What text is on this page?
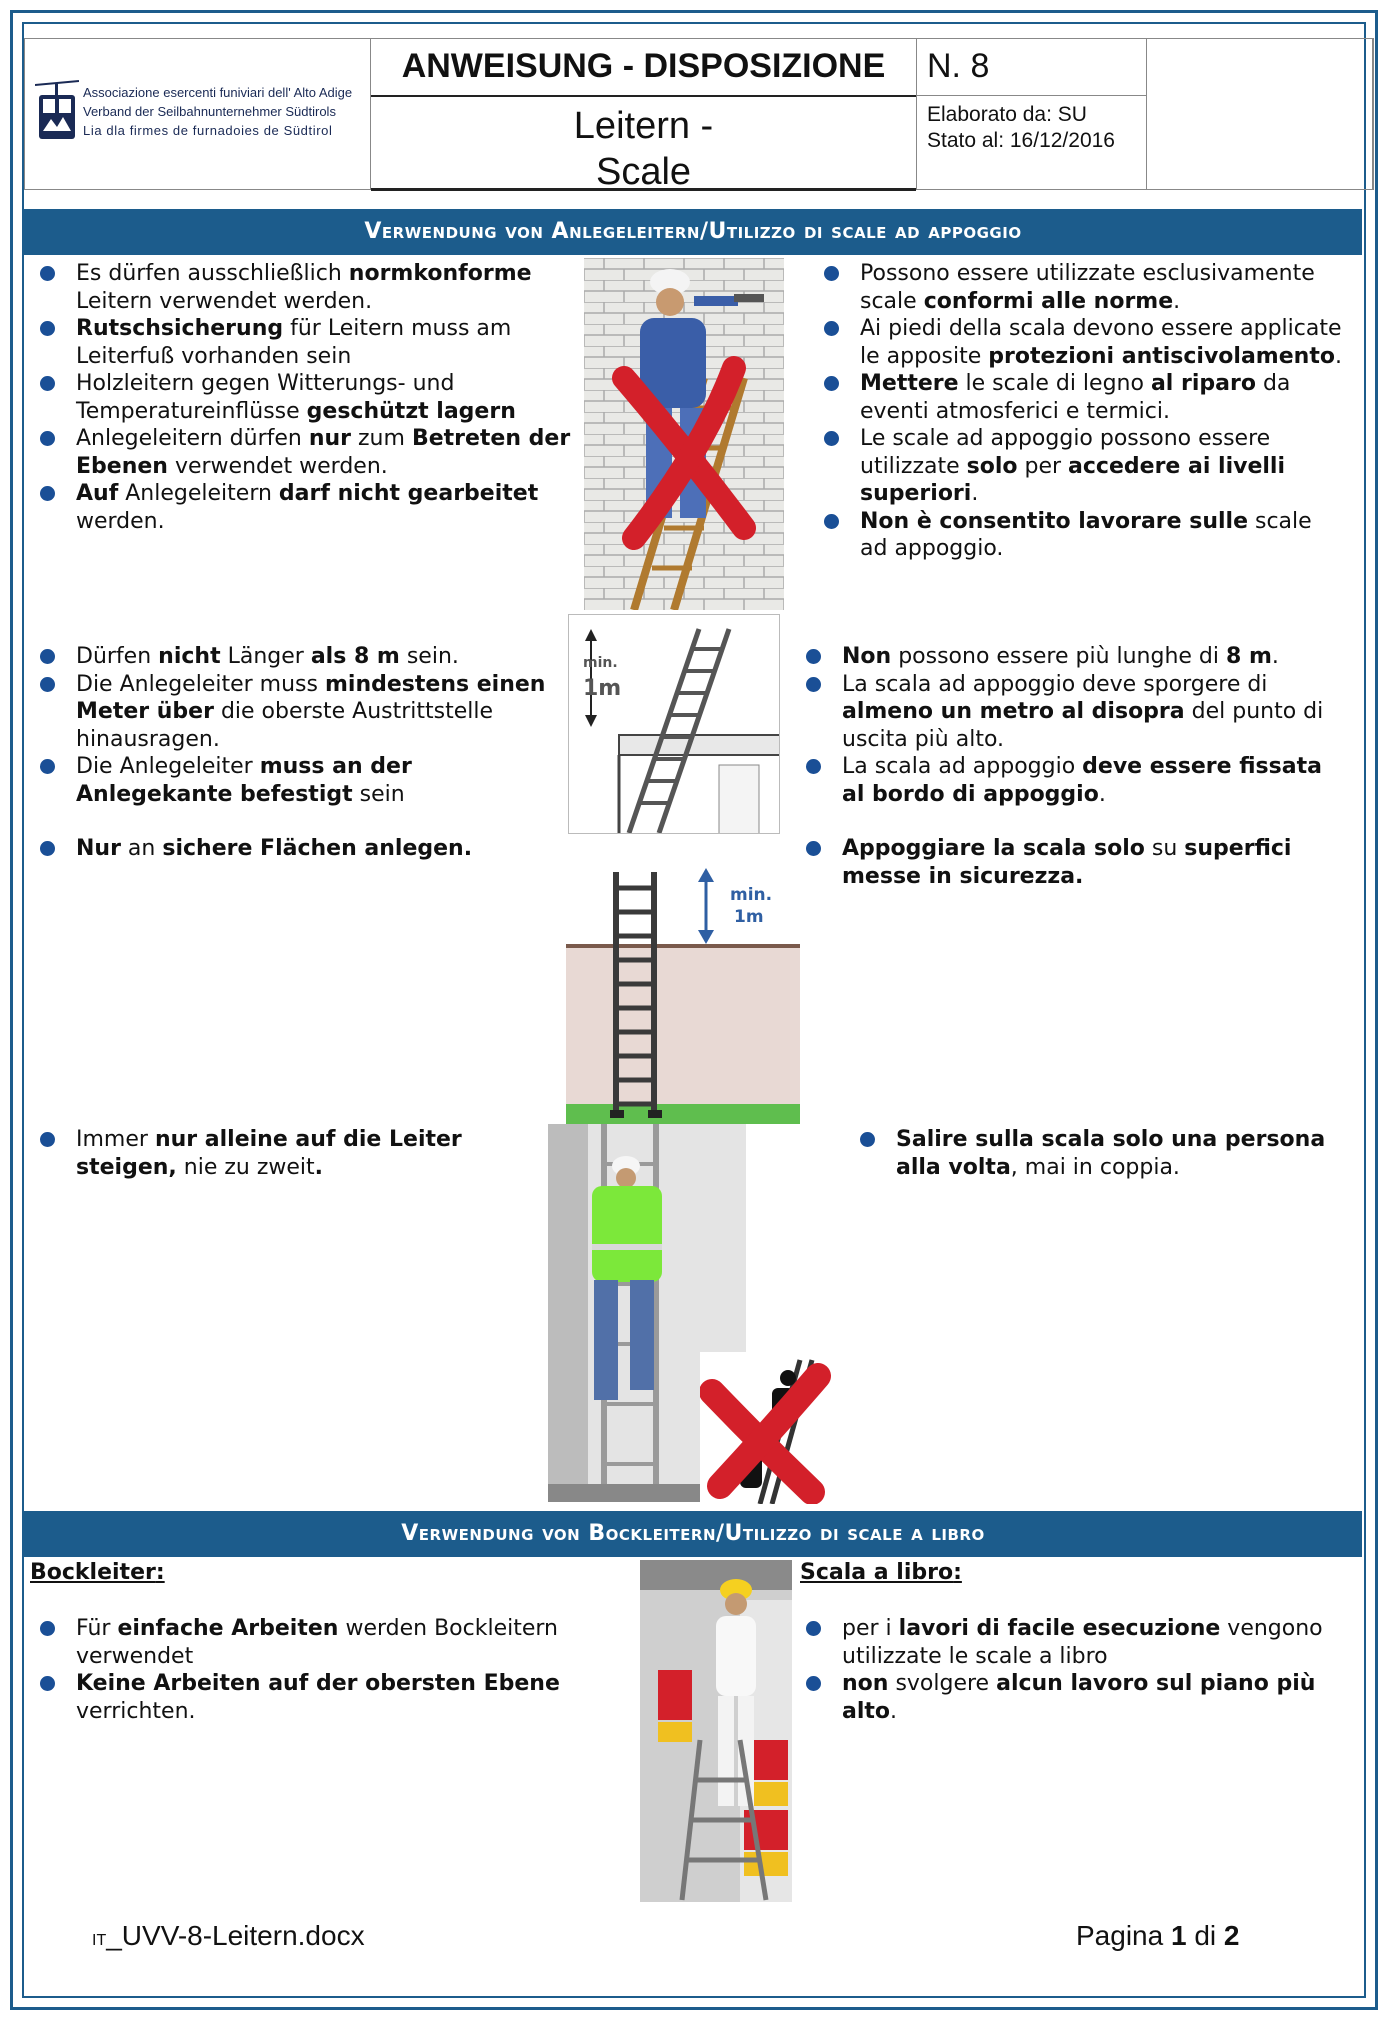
Associazione esercenti funiviari dell' Alto Adige
Verband der Seilbahnunternehmer Südtirols
Lia dla firmes de furnadoies de Südtirol
ANWEISUNG - DISPOSIZIONE
Leitern -
Scale
N. 8
Elaborato da: SU
Stato al: 16/12/2016
Verwendung von Anlegeleitern/Utilizzo di scale ad appoggio
Es dürfen ausschließlich normkonforme Leitern verwendet werden.
Rutschsicherung für Leitern muss am Leiterfuß vorhanden sein
Holzleitern gegen Witterungs- und Temperatureinflüsse geschützt lagern
Anlegeleitern dürfen nur zum Betreten der Ebenen verwendet werden.
Auf Anlegeleitern darf nicht gearbeitet werden.
Possono essere utilizzate esclusivamente scale conformi alle norme.
Ai piedi della scala devono essere applicate le apposite protezioni antiscivolamento.
Mettere le scale di legno al riparo da eventi atmosferici e termici.
Le scale ad appoggio possono essere utilizzate solo per accedere ai livelli superiori.
Non è consentito lavorare sulle scale ad appoggio.
Dürfen nicht Länger als 8 m sein.
Die Anlegeleiter muss mindestens einen Meter über die oberste Austrittstelle hinausragen.
Die Anlegeleiter muss an der Anlegekante befestigt sein
Nur an sichere Flächen anlegen.
Non possono essere più lunghe di 8 m.
La scala ad appoggio deve sporgere di almeno un metro al disopra del punto di uscita più alto.
La scala ad appoggio deve essere fissata al bordo di appoggio.
Appoggiare la scala solo su superfici messe in sicurezza.
min.
1m
min.
1m
Immer nur alleine auf die Leiter steigen, nie zu zweit.
Salire sulla scala solo una persona alla volta, mai in coppia.
Verwendung von Bockleitern/Utilizzo di scale a libro
Bockleiter:	Scala a libro:
Für einfache Arbeiten werden Bockleitern verwendet
Keine Arbeiten auf der obersten Ebene verrichten.
per i lavori di facile esecuzione vengono utilizzate le scale a libro
non svolgere alcun lavoro sul piano più alto.
IT_UVV-8-Leitern.docx	Pagina 1 di 2
